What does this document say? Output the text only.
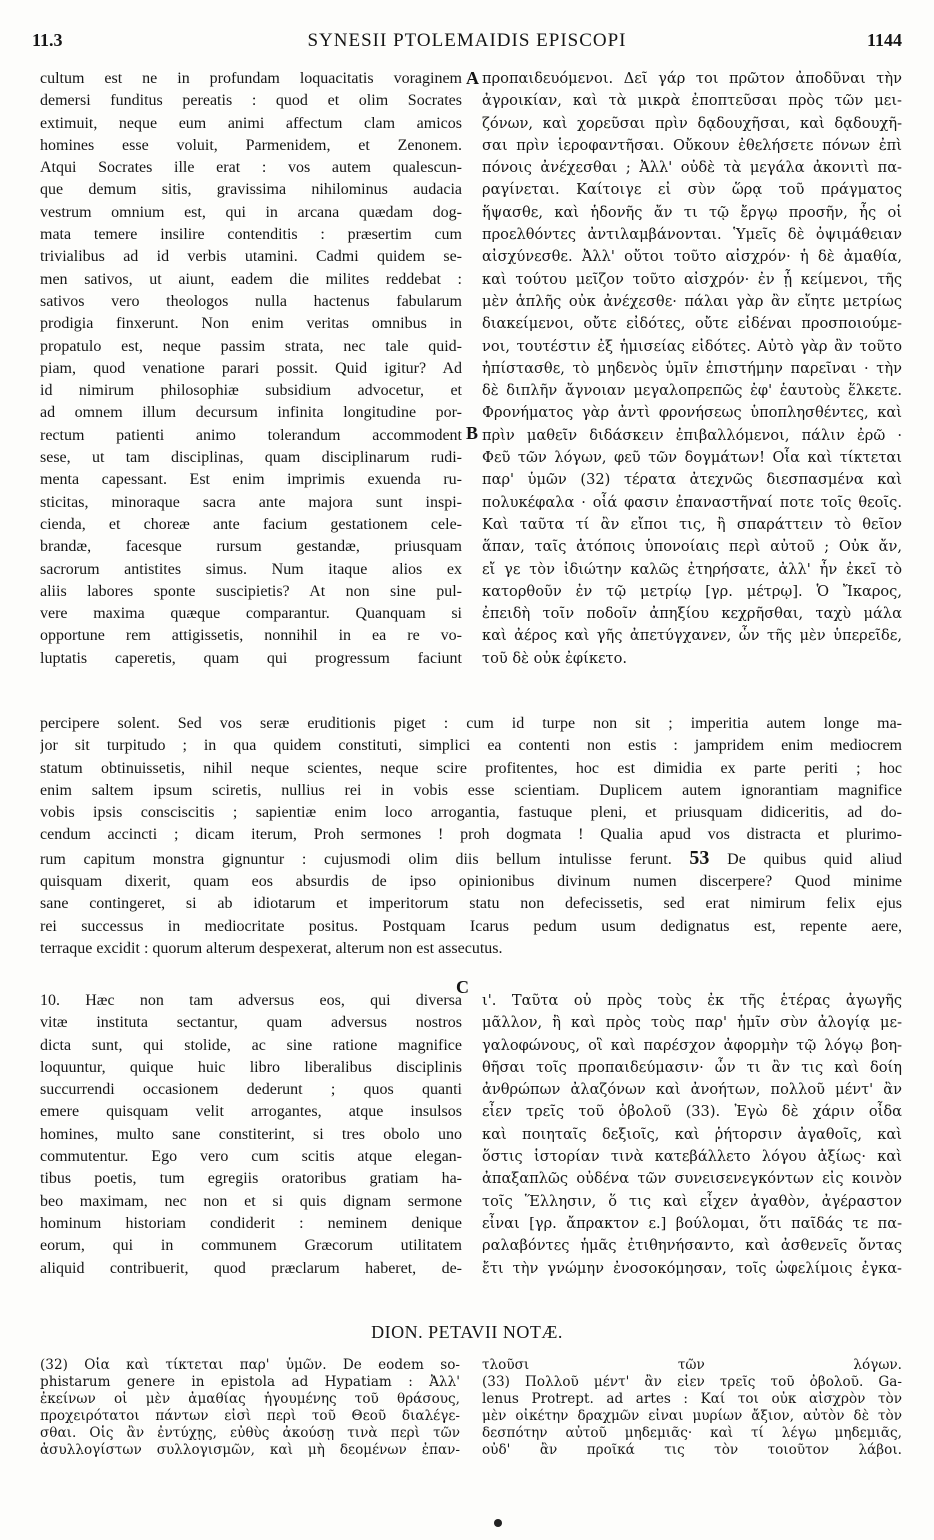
11.3	SYNESII PTOLEMAIDIS EPISCOPI	1144
A
B
C
cultum est ne in profundam loquacitatis voraginem
demersi funditus pereatis : quod et olim Socrates
extimuit, neque eum animi affectum clam amicos
homines esse voluit, Parmenidem, et Zenonem.
Atqui Socrates ille erat : vos autem qualescun-
que demum sitis, gravissima nihilominus audacia
vestrum omnium est, qui in arcana quædam dog-
mata temere insilire contenditis : præsertim cum
trivialibus ad id verbis utamini. Cadmi quidem se-
men sativos, ut aiunt, eadem die milites reddebat :
sativos vero theologos nulla hactenus fabularum
prodigia finxerunt. Non enim veritas omnibus in
propatulo est, neque passim strata, nec tale quid-
piam, quod venatione parari possit. Quid igitur? Ad
id nimirum philosophiæ subsidium advocetur, et
ad omnem illum decursum infinita longitudine por-
rectum patienti animo tolerandum accommodent
sese, ut tam disciplinas, quam disciplinarum rudi-
menta capessant. Est enim imprimis exuenda ru-
sticitas, minoraque sacra ante majora sunt inspi-
cienda, et choreæ ante facium gestationem cele-
brandæ, facesque rursum gestandæ, priusquam
sacrorum antistites simus. Num itaque alios ex
aliis labores sponte suscipietis? At non sine pul-
vere maxima quæque comparantur. Quanquam si
opportune rem attigissetis, nonnihil in ea re vo-
luptatis caperetis, quam qui progressum faciunt
προπαιδευόμενοι. Δεῖ γάρ τοι πρῶτον ἀποδῦναι τὴν
ἀγροικίαν, καὶ τὰ μικρὰ ἐποπτεῦσαι πρὸς τῶν μει-
ζόνων, καὶ χορεῦσαι πρὶν δᾳδουχῆσαι, καὶ δᾳδουχῆ-
σαι πρὶν ἱεροφαντῆσαι. Οὔκουν ἐθελήσετε πόνων ἐπὶ
πόνοις ἀνέχεσθαι ; Ἀλλ' οὐδὲ τὰ μεγάλα ἀκονιτὶ πα-
ραγίνεται. Καίτοιγε εἰ σὺν ὥρᾳ τοῦ πράγματος
ἥψασθε, καὶ ἡδονῆς ἄν τι τῷ ἔργῳ προσῆν, ἧς οἱ
προελθόντες ἀντιλαμβάνονται. Ὑμεῖς δὲ ὀψιμάθειαν
αἰσχύνεσθε. Ἀλλ' οὔτοι τοῦτο αἰσχρόν· ἡ δὲ ἀμαθία,
καὶ τούτου μεῖζον τοῦτο αἰσχρόν· ἐν ᾗ κείμενοι, τῆς
μὲν ἁπλῆς οὐκ ἀνέχεσθε· πάλαι γὰρ ἂν εἴητε μετρίως
διακείμενοι, οὔτε εἰδότες, οὔτε εἰδέναι προσποιούμε-
νοι, τουτέστιν ἐξ ἡμισείας εἰδότες. Αὐτὸ γὰρ ἂν τοῦτο
ἠπίστασθε, τὸ μηδενὸς ὑμῖν ἐπιστήμην παρεῖναι · τὴν
δὲ διπλῆν ἄγνοιαν μεγαλοπρεπῶς ἐφ' ἑαυτοὺς ἕλκετε.
Φρονήματος γὰρ ἀντὶ φρονήσεως ὑποπλησθέντες, καὶ
πρὶν μαθεῖν διδάσκειν ἐπιβαλλόμενοι, πάλιν ἐρῶ ·
Φεῦ τῶν λόγων, φεῦ τῶν δογμάτων! Οἷα καὶ τίκτεται
παρ' ὑμῶν (32) τέρατα ἀτεχνῶς διεσπασμένα καὶ
πολυκέφαλα · οἷά φασιν ἐπαναστῆναί ποτε τοῖς θεοῖς.
Καὶ ταῦτα τί ἂν εἴποι τις, ἢ σπαράττειν τὸ θεῖον
ἅπαν, ταῖς ἀτόποις ὑπονοίαις περὶ αὐτοῦ ; Οὐκ ἄν,
εἴ γε τὸν ἰδιώτην καλῶς ἐτηρήσατε, ἀλλ' ἦν ἐκεῖ τὸ
κατορθοῦν ἐν τῷ μετρίῳ [γρ. μέτρῳ]. Ὁ Ἴκαρος,
ἐπειδὴ τοῖν ποδοῖν ἀπηξίου κεχρῆσθαι, ταχὺ μάλα
καὶ ἀέρος καὶ γῆς ἀπετύγχανεν, ὧν τῆς μὲν ὑπερεῖδε,
τοῦ δὲ οὐκ ἐφίκετο.
percipere solent. Sed vos seræ eruditionis piget : cum id turpe non sit ; imperitia autem longe ma-
jor sit turpitudo ; in qua quidem constituti, simplici ea contenti non estis : jampridem enim mediocrem
statum obtinuissetis, nihil neque scientes, neque scire profitentes, hoc est dimidia ex parte periti ; hoc
enim saltem ipsum sciretis, nullius rei in vobis esse scientiam. Duplicem autem ignorantiam magnifice
vobis ipsis consciscitis ; sapientiæ enim loco arrogantia, fastuque pleni, et priusquam didiceritis, ad do-
cendum accincti ; dicam iterum, Proh sermones ! proh dogmata ! Qualia apud vos distracta et plurimo-
rum capitum monstra gignuntur : cujusmodi olim diis bellum intulisse ferunt. 53 De quibus quid aliud
quisquam dixerit, quam eos absurdis de ipso opinionibus divinum numen discerpere? Quod minime
sane contingeret, si ab idiotarum et imperitorum statu non defecissetis, sed erat nimirum felix ejus
rei successus in mediocritate positus. Postquam Icarus pedum usum dedignatus est, repente aere,
terraque excidit : quorum alterum despexerat, alterum non est assecutus.
10. Hæc non tam adversus eos, qui diversa
vitæ instituta sectantur, quam adversus nostros
dicta sunt, qui stolide, ac sine ratione magnifice
loquuntur, quique huic libro liberalibus disciplinis
succurrendi occasionem dederunt ; quos quanti
emere quisquam velit arrogantes, atque insulsos
homines, multo sane constiterint, si tres obolo uno
commutentur. Ego vero cum scitis atque elegan-
tibus poetis, tum egregiis oratoribus gratiam ha-
beo maximam, nec non et si quis dignam sermone
hominum historiam condiderit : neminem denique
eorum, qui in communem Græcorum utilitatem
aliquid contribuerit, quod præclarum haberet, de-
ι'. Ταῦτα οὐ πρὸς τοὺς ἐκ τῆς ἑτέρας ἀγωγῆς
μᾶλλον, ἢ καὶ πρὸς τοὺς παρ' ἡμῖν σὺν ἀλογίᾳ με-
γαλοφώνους, οἳ καὶ παρέσχον ἀφορμὴν τῷ λόγῳ βοη-
θῆσαι τοῖς προπαιδεύμασιν· ὧν τι ἂν τις καὶ δοίη
ἀνθρώπων ἀλαζόνων καὶ ἀνοήτων, πολλοῦ μέντ' ἂν
εἶεν τρεῖς τοῦ ὀβολοῦ (33). Ἐγὼ δὲ χάριν οἶδα
καὶ ποιηταῖς δεξιοῖς, καὶ ῥήτορσιν ἀγαθοῖς, καὶ
ὅστις ἱστορίαν τινὰ κατεβάλλετο λόγου ἀξίως· καὶ
ἀπαξαπλῶς οὐδένα τῶν συνεισενεγκόντων εἰς κοινὸν
τοῖς Ἕλλησιν, ὅ τις καὶ εἶχεν ἀγαθὸν, ἀγέραστον
εἶναι [γρ. ἄπρακτον ε.] βούλομαι, ὅτι παῖδάς τε πα-
ραλαβόντες ἡμᾶς ἐτιθηνήσαντο, καὶ ἀσθενεῖς ὄντας
ἔτι τὴν γνώμην ἐνοσοκόμησαν, τοῖς ὠφελίμοις ἐγκα-
DION. PETAVII NOTÆ.
(32) Οἷα καὶ τίκτεται παρ' ὑμῶν. De eodem so-
phistarum genere in epistola ad Hypatiam : Ἀλλ'
ἐκείνων οἱ μὲν ἀμαθίας ἡγουμένης τοῦ θράσους,
προχειρότατοι πάντων εἰσὶ περὶ τοῦ Θεοῦ διαλέγε-
σθαι. Οἷς ἂν ἐντύχῃς, εὐθὺς ἀκούσῃ τινὰ περὶ τῶν
ἀσυλλογίστων συλλογισμῶν, καὶ μὴ δεομένων ἐπαν-
τλοῦσι τῶν λόγων.
(33) Πολλοῦ μέντ' ἂν εἶεν τρεῖς τοῦ ὀβολοῦ. Ga-
lenus Protrept. ad artes : Καί τοι οὐκ αἰσχρὸν τὸν
μὲν οἰκέτην δραχμῶν εἶναι μυρίων ἄξιον, αὐτὸν δὲ τὸν
δεσπότην αὐτοῦ μηδεμιᾶς· καὶ τί λέγω μηδεμιᾶς,
οὐδ' ἂν προῖκά τις τὸν τοιοῦτον λάβοι.
